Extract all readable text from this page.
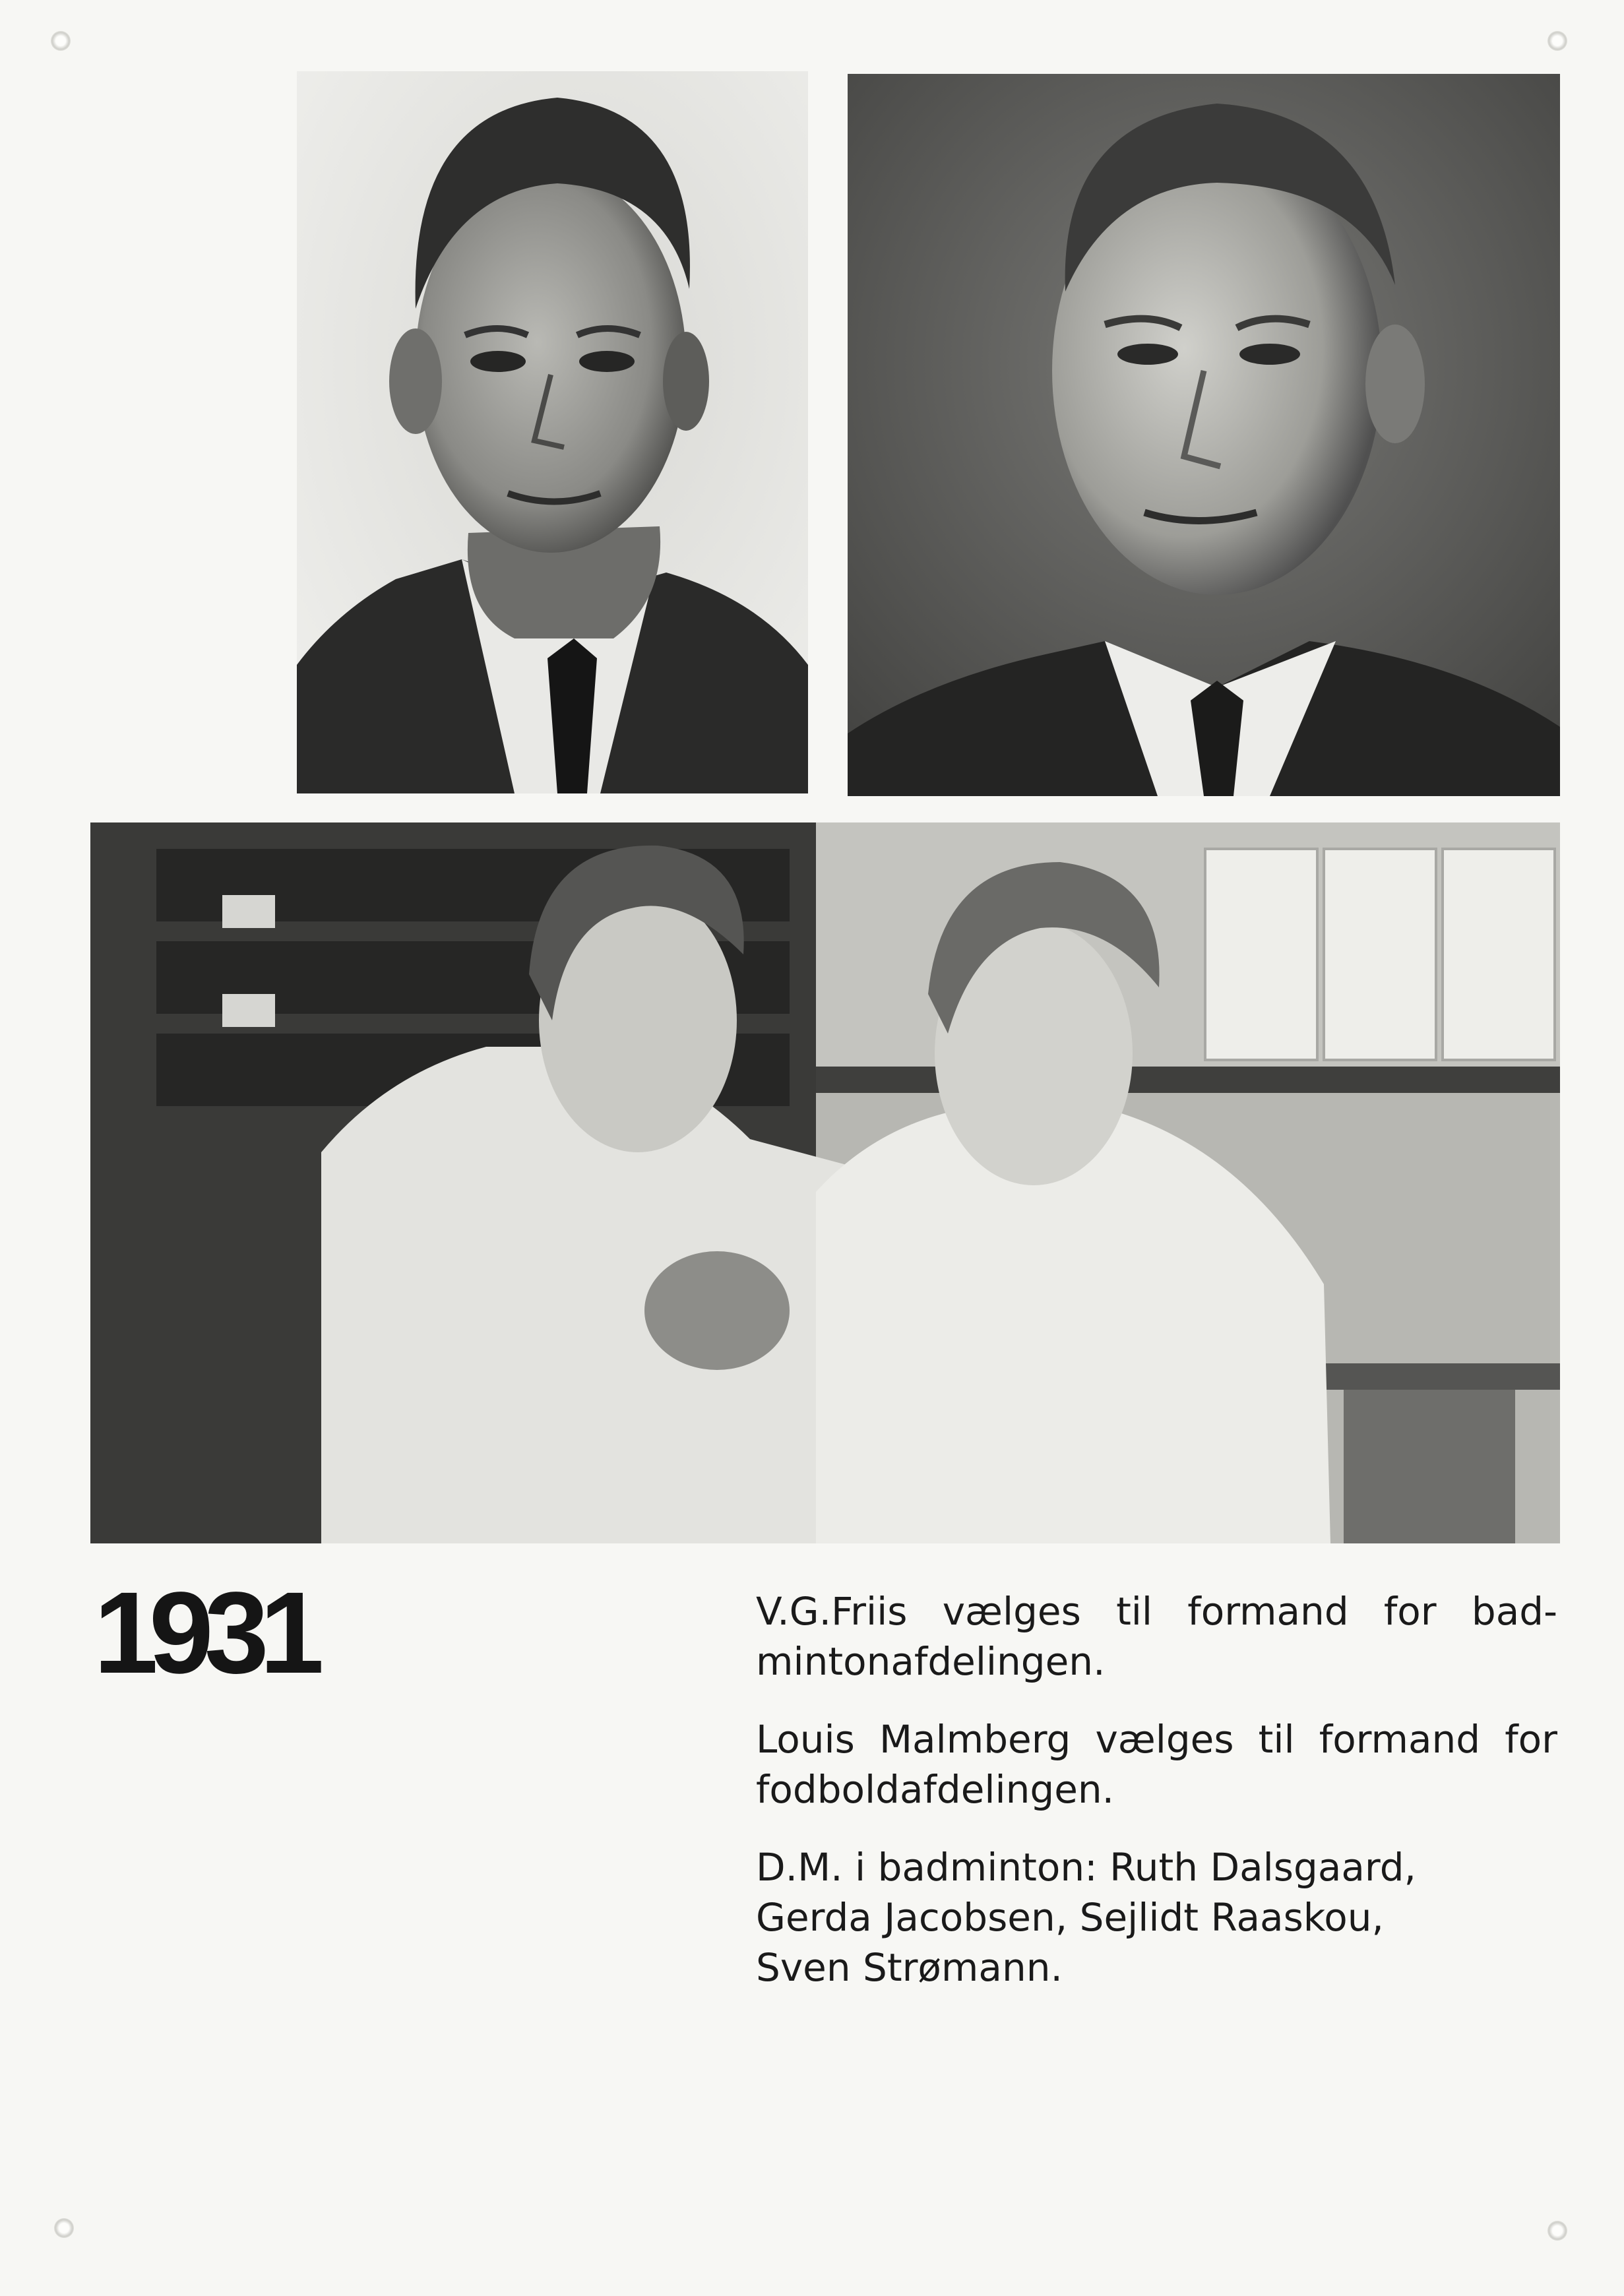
1931	V.G.Friis vælges til formand for bad-
mintonafdelingen.

Louis Malmberg vælges til formand for
fodboldafdelingen.

D.M. i badminton: Ruth Dalsgaard,
Gerda Jacobsen, Sejlidt Raaskou,
Sven Strømann.
